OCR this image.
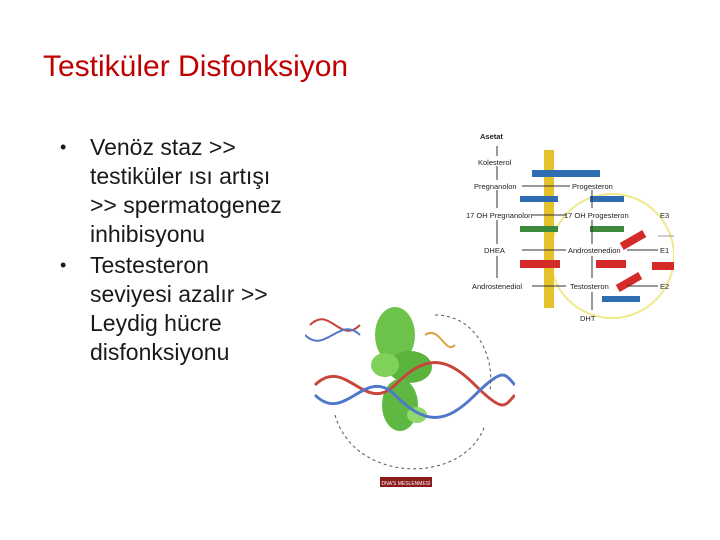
Testiküler Disfonksiyon
• Venöz staz >>
testiküler ısı artışı
>> spermatogenez
inhibisyonu
• Testesteron
seviyesi azalır >>
Leydig hücre
disfonksiyonu
Asetat
Kolesterol
Pregnanolon	Progesteron
17 OH Pregnanolon	17 OH Progesteron	E3
DHEA	Androstenedion	E1
Androstenediol	Testosteron	E2
DHT
DNA'S MESLENMESİ
